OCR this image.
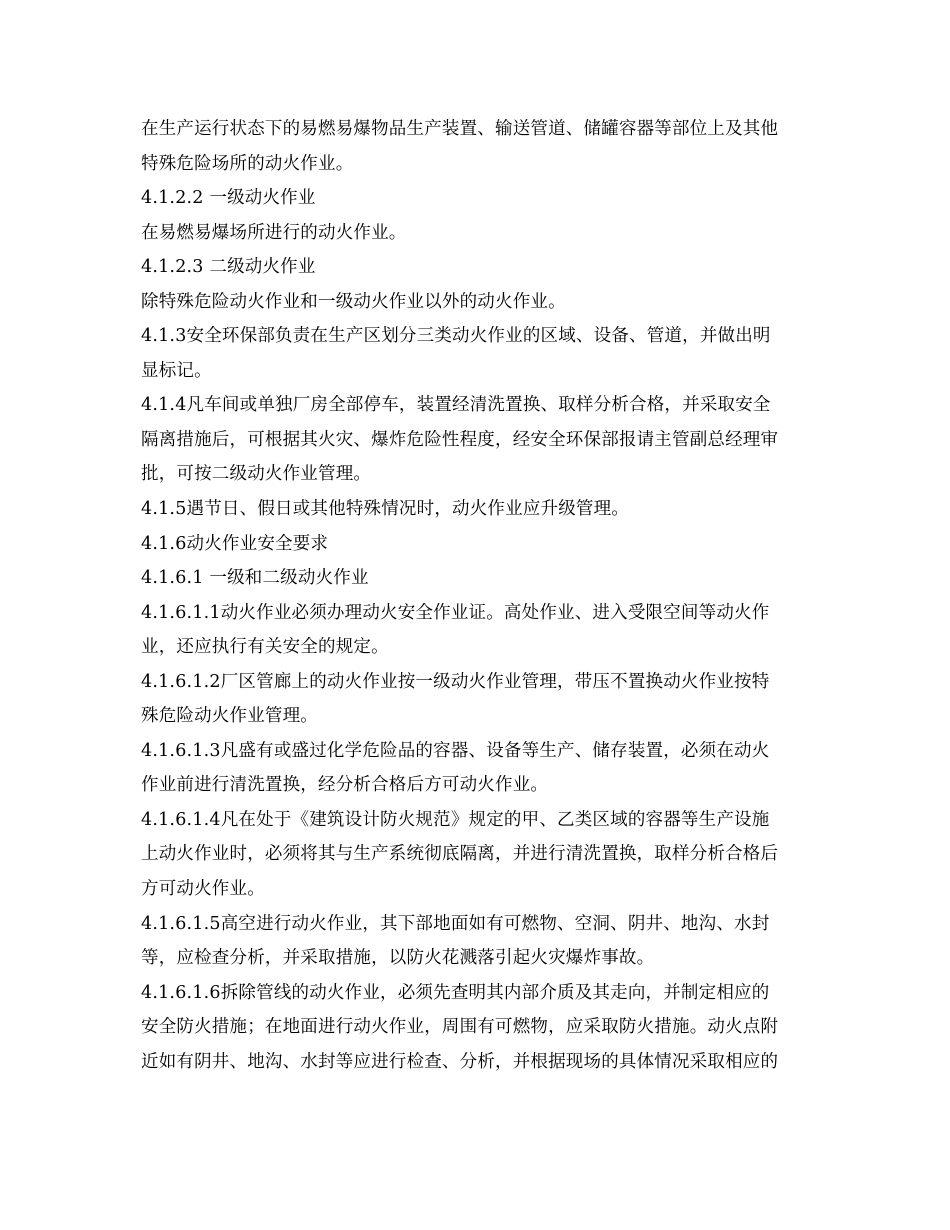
在生产运行状态下的易燃易爆物品生产装置、输送管道、储罐容器等部位上及其他
特殊危险场所的动火作业。
4.1.2.2 一级动火作业
在易燃易爆场所进行的动火作业。
4.1.2.3 二级动火作业
除特殊危险动火作业和一级动火作业以外的动火作业。
4.1.3安全环保部负责在生产区划分三类动火作业的区域、设备、管道，并做出明
显标记。
4.1.4凡车间或单独厂房全部停车，装置经清洗置换、取样分析合格，并采取安全
隔离措施后，可根据其火灾、爆炸危险性程度，经安全环保部报请主管副总经理审
批，可按二级动火作业管理。
4.1.5遇节日、假日或其他特殊情况时，动火作业应升级管理。
4.1.6动火作业安全要求
4.1.6.1 一级和二级动火作业
4.1.6.1.1动火作业必须办理动火安全作业证。高处作业、进入受限空间等动火作
业，还应执行有关安全的规定。
4.1.6.1.2厂区管廊上的动火作业按一级动火作业管理，带压不置换动火作业按特
殊危险动火作业管理。
4.1.6.1.3凡盛有或盛过化学危险品的容器、设备等生产、储存装置，必须在动火
作业前进行清洗置换，经分析合格后方可动火作业。
4.1.6.1.4凡在处于《建筑设计防火规范》规定的甲、乙类区域的容器等生产设施
上动火作业时，必须将其与生产系统彻底隔离，并进行清洗置换，取样分析合格后
方可动火作业。
4.1.6.1.5高空进行动火作业，其下部地面如有可燃物、空洞、阴井、地沟、水封
等，应检查分析，并采取措施，以防火花溅落引起火灾爆炸事故。
4.1.6.1.6拆除管线的动火作业，必须先查明其内部介质及其走向，并制定相应的
安全防火措施；在地面进行动火作业，周围有可燃物，应采取防火措施。动火点附
近如有阴井、地沟、水封等应进行检查、分析，并根据现场的具体情况采取相应的
